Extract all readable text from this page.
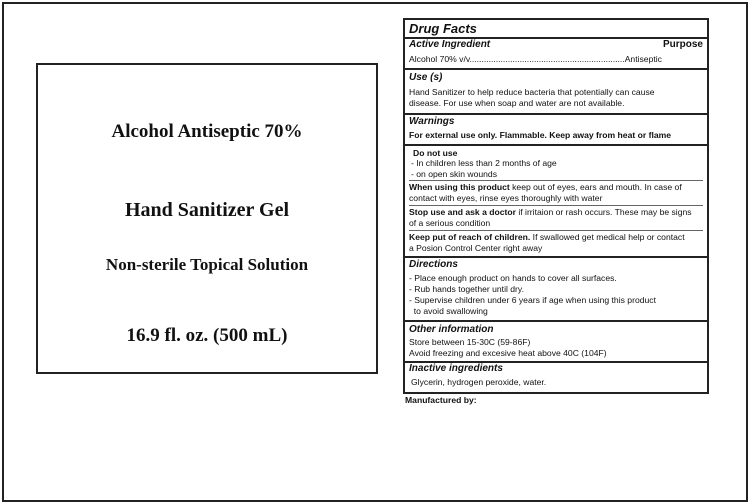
Alcohol Antiseptic 70%
Hand Sanitizer Gel
Non-sterile Topical Solution
16.9 fl. oz. (500 mL)
Drug Facts
Active Ingredient	Purpose
Alcohol 70% v/v.................................................................Antiseptic
Use (s)
Hand Sanitizer to help reduce bacteria that potentially can cause
disease. For use when soap and water are not available.
Warnings
For external use only. Flammable. Keep away from heat or flame
Do not use
- In children less than 2 months of age
- on open skin wounds
When using this product keep out of eyes, ears and mouth. In case of
contact with eyes, rinse eyes thoroughly with water
Stop use and ask a doctor if irritaion or rash occurs. These may be signs
of a serious condition
Keep put of reach of children. If swallowed get medical help or contact
a Posion Control Center right away
Directions
- Place enough product on hands to cover all surfaces.
- Rub hands together until dry.
- Supervise children under 6 years if age when using this product
to avoid swallowing
Other information
Store between 15-30C (59-86F)
Avoid freezing and excesive heat above 40C (104F)
Inactive ingredients
Glycerin, hydrogen peroxide, water.
Manufactured by:
